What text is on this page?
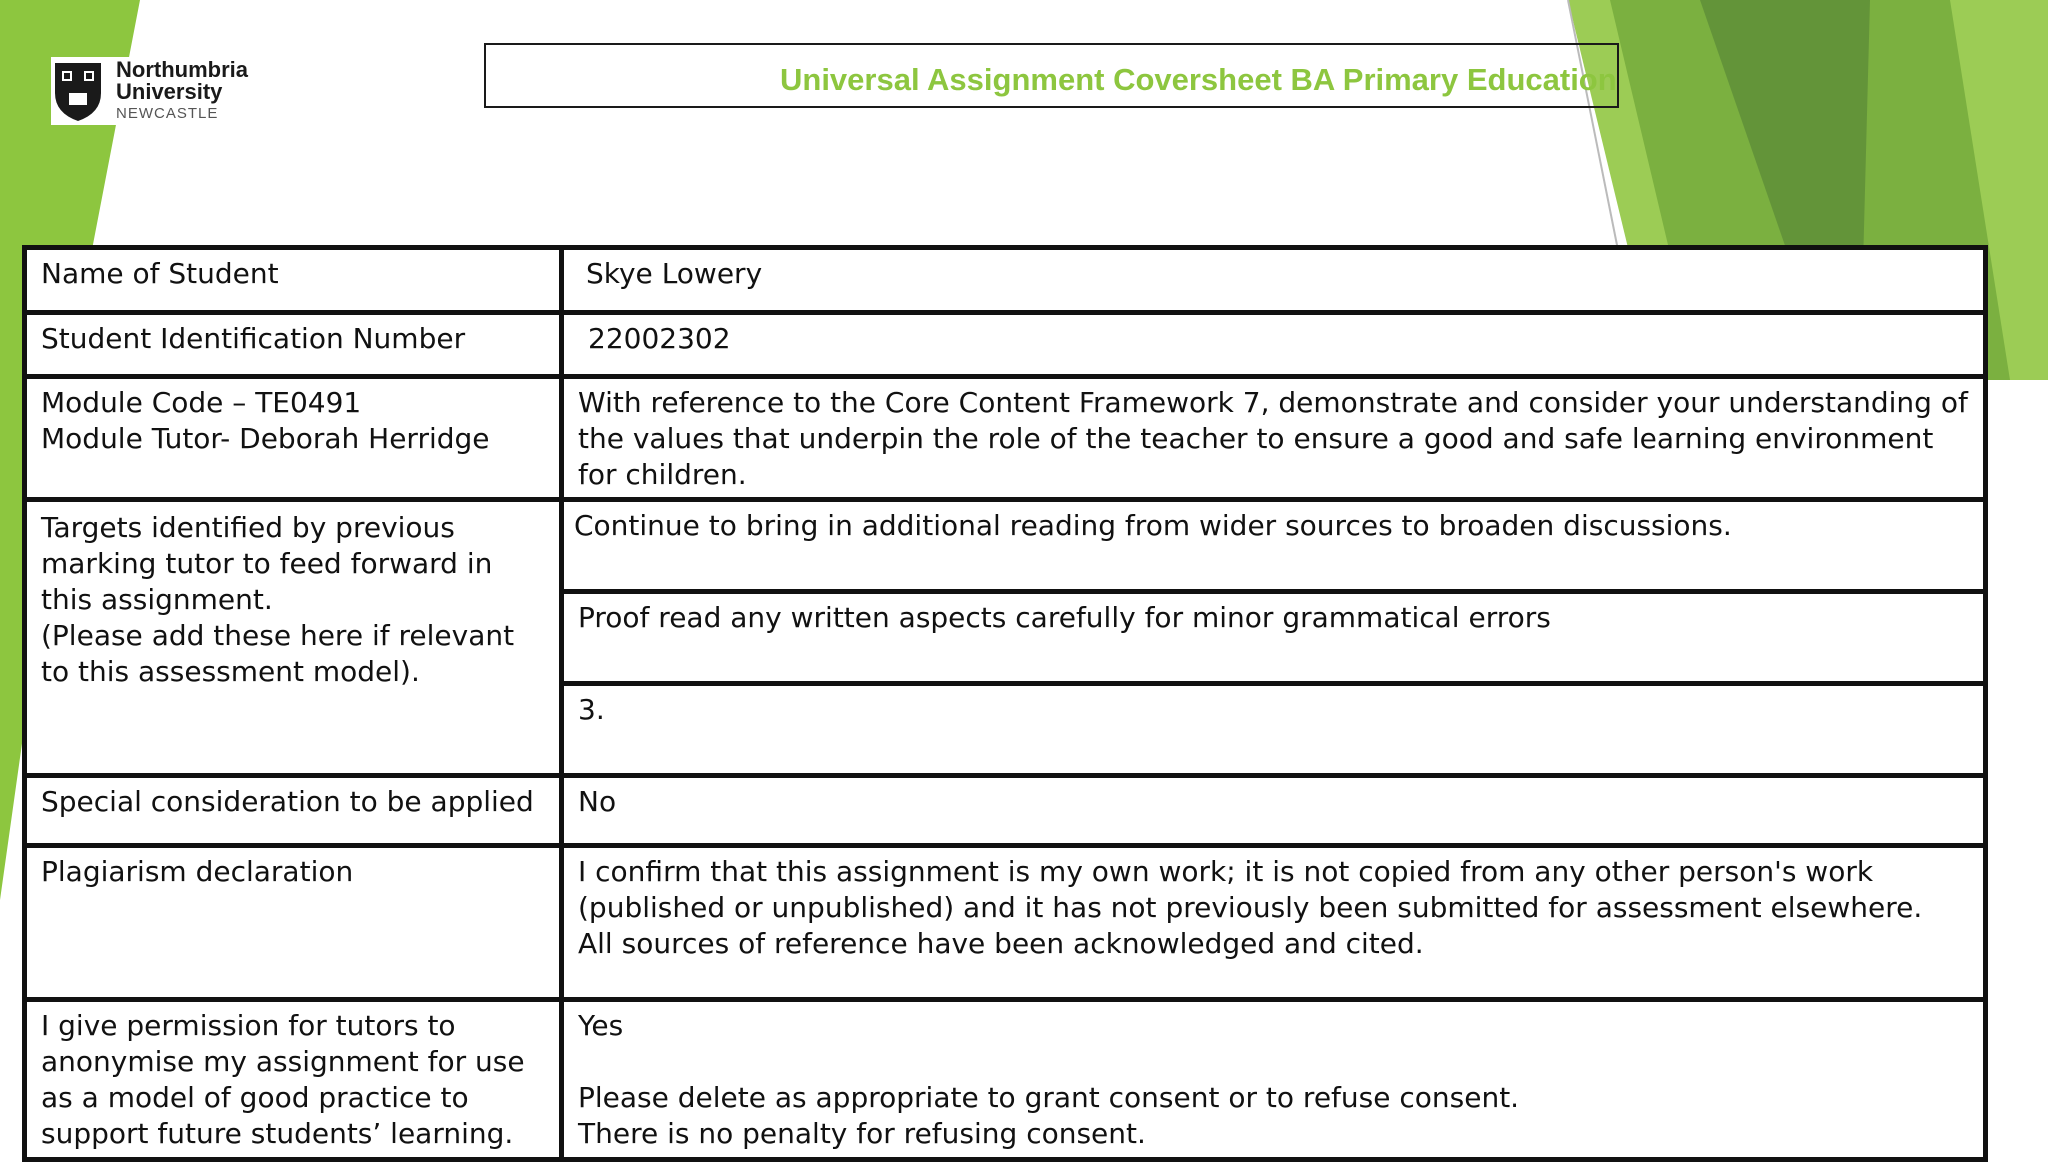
Northumbria
University
NEWCASTLE
Universal Assignment Coversheet BA Primary Education
Name of Student	Skye Lowery
Student Identification Number	22002302

Module Code – TE0491
Module Tutor- Deborah Herridge	With reference to the Core Content Framework 7, demonstrate and consider your understanding of the values that underpin the role of the teacher to ensure a good and safe learning environment for children.

Targets identified by previous marking tutor to feed forward in this assignment.
(Please add these here if relevant to this assessment model).	Continue to bring in additional reading from wider sources to broaden discussions.
	Proof read any written aspects carefully for minor grammatical errors
	3.
Special consideration to be applied	No
Plagiarism declaration	I confirm that this assignment is my own work; it is not copied from any other person's work (published or unpublished) and it has not previously been submitted for assessment elsewhere.
All sources of reference have been acknowledged and cited.

I give permission for tutors to anonymise my assignment for use as a model of good practice to support future students’ learning.	Yes
Please delete as appropriate to grant consent or to refuse consent.
There is no penalty for refusing consent.
